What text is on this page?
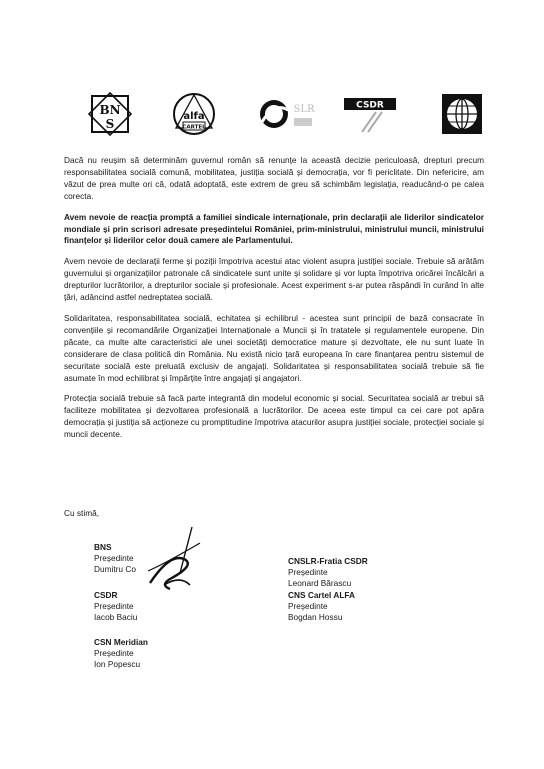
BN
S
alfa
CARTEL
SLR	CSDR

Dacă nu reușim să determinăm guvernul român să renunțe la această decizie periculoasă, drepturi precum responsabilitatea socială comună, mobilitatea, justiția socială și democrația, vor fi periclitate. Din nefericire, am văzut de prea multe ori că, odată adoptată, este extrem de greu să schimbăm legislația, readucând-o pe calea corecta.

Avem nevoie de reacția promptă a familiei sindicale internaționale, prin declarații ale liderilor sindicatelor mondiale și prin scrisori adresate președintelui României, prim-ministrului, ministrului muncii, ministrului finanțelor și liderilor celor două camere ale Parlamentului.

Avem nevoie de declarații ferme și poziții împotriva acestui atac violent asupra justiției sociale. Trebuie să arătăm guvernului și organizațiilor patronale că sindicatele sunt unite și solidare și vor lupta împotriva oricărei încălcări a drepturilor lucrătorilor, a drepturilor sociale și profesionale. Acest experiment s-ar putea răspândi în curând în alte țări, adâncind astfel nedreptatea socială.

Solidaritatea, responsabilitatea socială, echitatea și echilibrul - acestea sunt principii de bază consacrate în convențiile și recomandările Organizației Internaționale a Muncii și în tratatele și regulamentele europene. Din păcate, ca multe alte caracteristici ale unei societăți democratice mature și dezvoltate, ele nu sunt luate în considerare de clasa politică din România. Nu există nicio țară europeana în care finanțarea pentru sistemul de securitate socială este preluată exclusiv de angajați. Solidaritatea și responsabilitatea socială trebuie să fie asumate în mod echilibrat și împărțite între angajați și angajatori.

Protecția socială trebuie să facă parte integrantă din modelul economic și social. Securitatea socială ar trebui să faciliteze mobilitatea și dezvoltarea profesională a lucrătorilor. De aceea este timpul ca cei care pot apăra democrația și justiția să acționeze cu promptitudine împotriva atacurilor asupra justiției sociale, protecției sociale și muncii decente.

Cu stimă,
BNS
Președinte
Dumitru Co
CNSLR-Fratia CSDR
Președinte
Leonard Bărascu
CSDR
Președinte
Iacob Baciu
CNS Cartel ALFA
Președinte
Bogdan Hossu
CSN Meridian
Președinte
Ion Popescu
